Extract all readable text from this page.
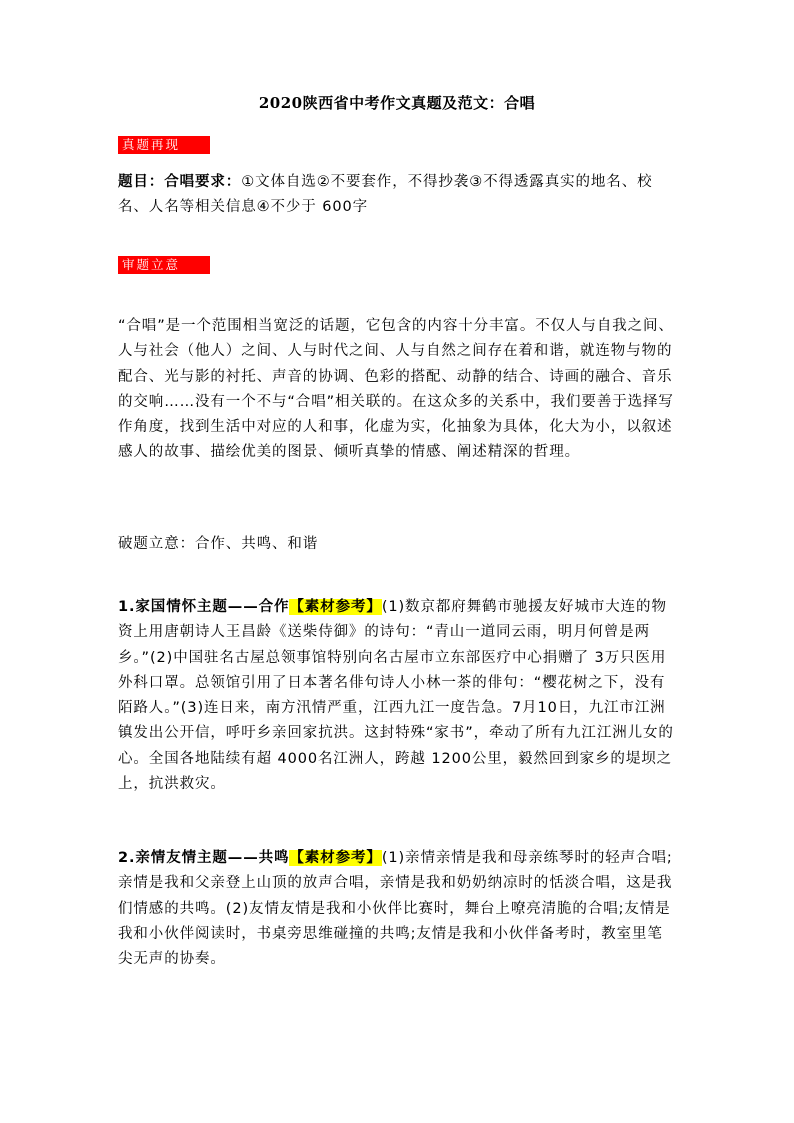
2020陕西省中考作文真题及范文：合唱
真题再现
题目：合唱要求：①文体自选②不要套作，不得抄袭③不得透露真实的地名、校名、人名等相关信息④不少于 600字
审题立意
“合唱”是一个范围相当宽泛的话题，它包含的内容十分丰富。不仅人与自我之间、人与社会（他人）之间、人与时代之间、人与自然之间存在着和谐，就连物与物的配合、光与影的衬托、声音的协调、色彩的搭配、动静的结合、诗画的融合、音乐的交响……没有一个不与“合唱”相关联的。在这众多的关系中，我们要善于选择写作角度，找到生活中对应的人和事，化虚为实，化抽象为具体，化大为小，以叙述感人的故事、描绘优美的图景、倾听真挚的情感、阐述精深的哲理。
破题立意：合作、共鸣、和谐
1.家国情怀主题——合作【素材参考】(1)数京都府舞鹤市驰援友好城市大连的物资上用唐朝诗人王昌龄《送柴侍御》的诗句：“青山一道同云雨，明月何曾是两乡。”(2)中国驻名古屋总领事馆特别向名古屋市立东部医疗中心捐赠了 3万只医用外科口罩。总领馆引用了日本著名俳句诗人小林一茶的俳句：“樱花树之下，没有陌路人。”(3)连日来，南方汛情严重，江西九江一度告急。7月10日，九江市江洲镇发出公开信，呼吁乡亲回家抗洪。这封特殊“家书”，牵动了所有九江江洲儿女的心。全国各地陆续有超 4000名江洲人，跨越 1200公里，毅然回到家乡的堤坝之上，抗洪救灾。
2.亲情友情主题——共鸣【素材参考】(1)亲情亲情是我和母亲练琴时的轻声合唱;亲情是我和父亲登上山顶的放声合唱，亲情是我和奶奶纳凉时的恬淡合唱，这是我们情感的共鸣。(2)友情友情是我和小伙伴比赛时，舞台上嘹亮清脆的合唱;友情是我和小伙伴阅读时，书桌旁思维碰撞的共鸣;友情是我和小伙伴备考时，教室里笔尖无声的协奏。
